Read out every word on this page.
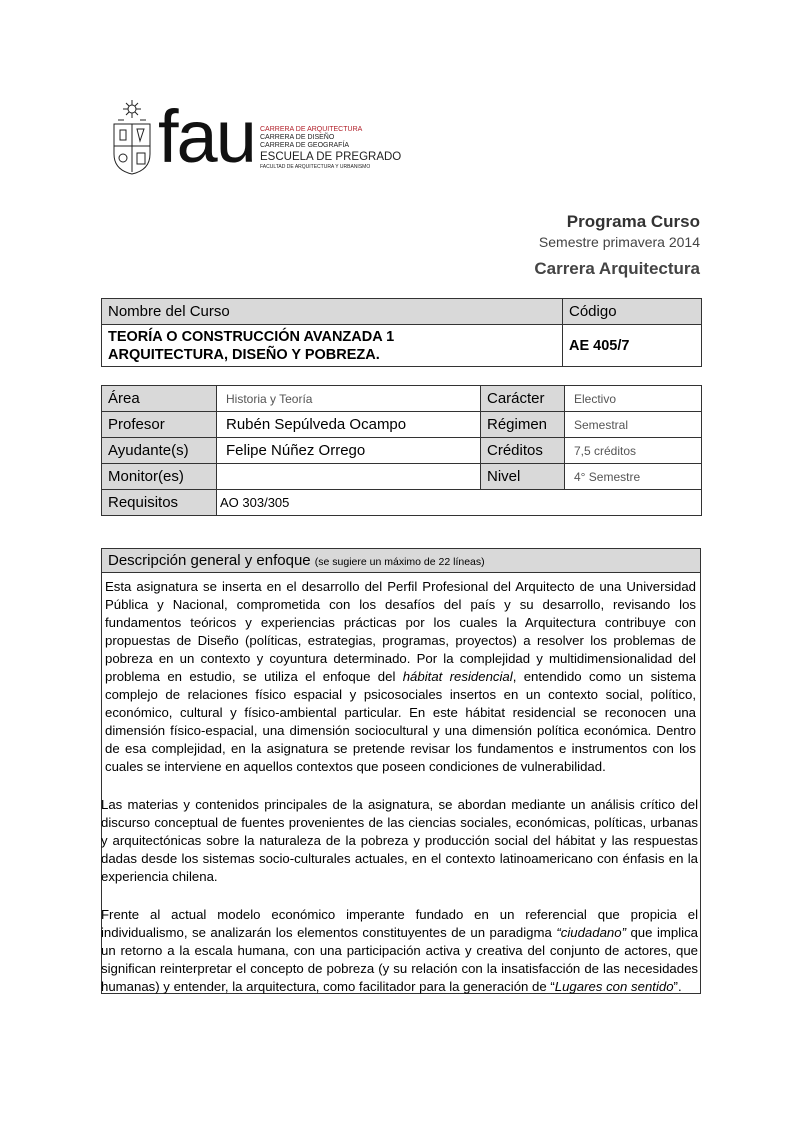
fau CARRERA DE ARQUITECTURA
CARRERA DE DISEÑO
CARRERA DE GEOGRAFÍA
ESCUELA DE PREGRADO
FACULTAD DE ARQUITECTURA Y URBANISMO
Programa Curso
Semestre primavera 2014
Carrera Arquitectura
Nombre del Curso	Código

TEORÍA O CONSTRUCCIÓN AVANZADA 1
ARQUITECTURA, DISEÑO Y POBREZA.	AE 405/7
Área	Historia y Teoría	Carácter	Electivo
Profesor	Rubén Sepúlveda Ocampo	Régimen	Semestral
Ayudante(s)	Felipe Núñez Orrego	Créditos	7,5 créditos
Monitor(es)		Nivel	4° Semestre
Requisitos	AO 303/305		
Descripción general y enfoque (se sugiere un máximo de 22 líneas)
Esta asignatura se inserta en el desarrollo del Perfil Profesional del Arquitecto de una Universidad Pública y Nacional, comprometida con los desafíos del país y su desarrollo, revisando los fundamentos teóricos y experiencias prácticas por los cuales la Arquitectura contribuye con propuestas de Diseño (políticas, estrategias, programas, proyectos) a resolver los problemas de pobreza en un contexto y coyuntura determinado. Por la complejidad y multidimensionalidad del problema en estudio, se utiliza el enfoque del hábitat residencial, entendido como un sistema complejo de relaciones físico espacial y psicosociales insertos en un contexto social, político, económico, cultural y físico-ambiental particular. En este hábitat residencial se reconocen una dimensión físico-espacial, una dimensión sociocultural y una dimensión política económica. Dentro de esa complejidad, en la asignatura se pretende revisar los fundamentos e instrumentos con los cuales se interviene en aquellos contextos que poseen condiciones de vulnerabilidad.
Las materias y contenidos principales de la asignatura, se abordan mediante un análisis crítico del discurso conceptual de fuentes provenientes de las ciencias sociales, económicas, políticas, urbanas y arquitectónicas sobre la naturaleza de la pobreza y producción social del hábitat y las respuestas dadas desde los sistemas socio-culturales actuales, en el contexto latinoamericano con énfasis en la experiencia chilena.
Frente al actual modelo económico imperante fundado en un referencial que propicia el individualismo, se analizarán los elementos constituyentes de un paradigma “ciudadano” que implica un retorno a la escala humana, con una participación activa y creativa del conjunto de actores, que significan reinterpretar el concepto de pobreza (y su relación con la insatisfacción de las necesidades humanas) y entender, la arquitectura, como facilitador para la generación de “Lugares con sentido”.
